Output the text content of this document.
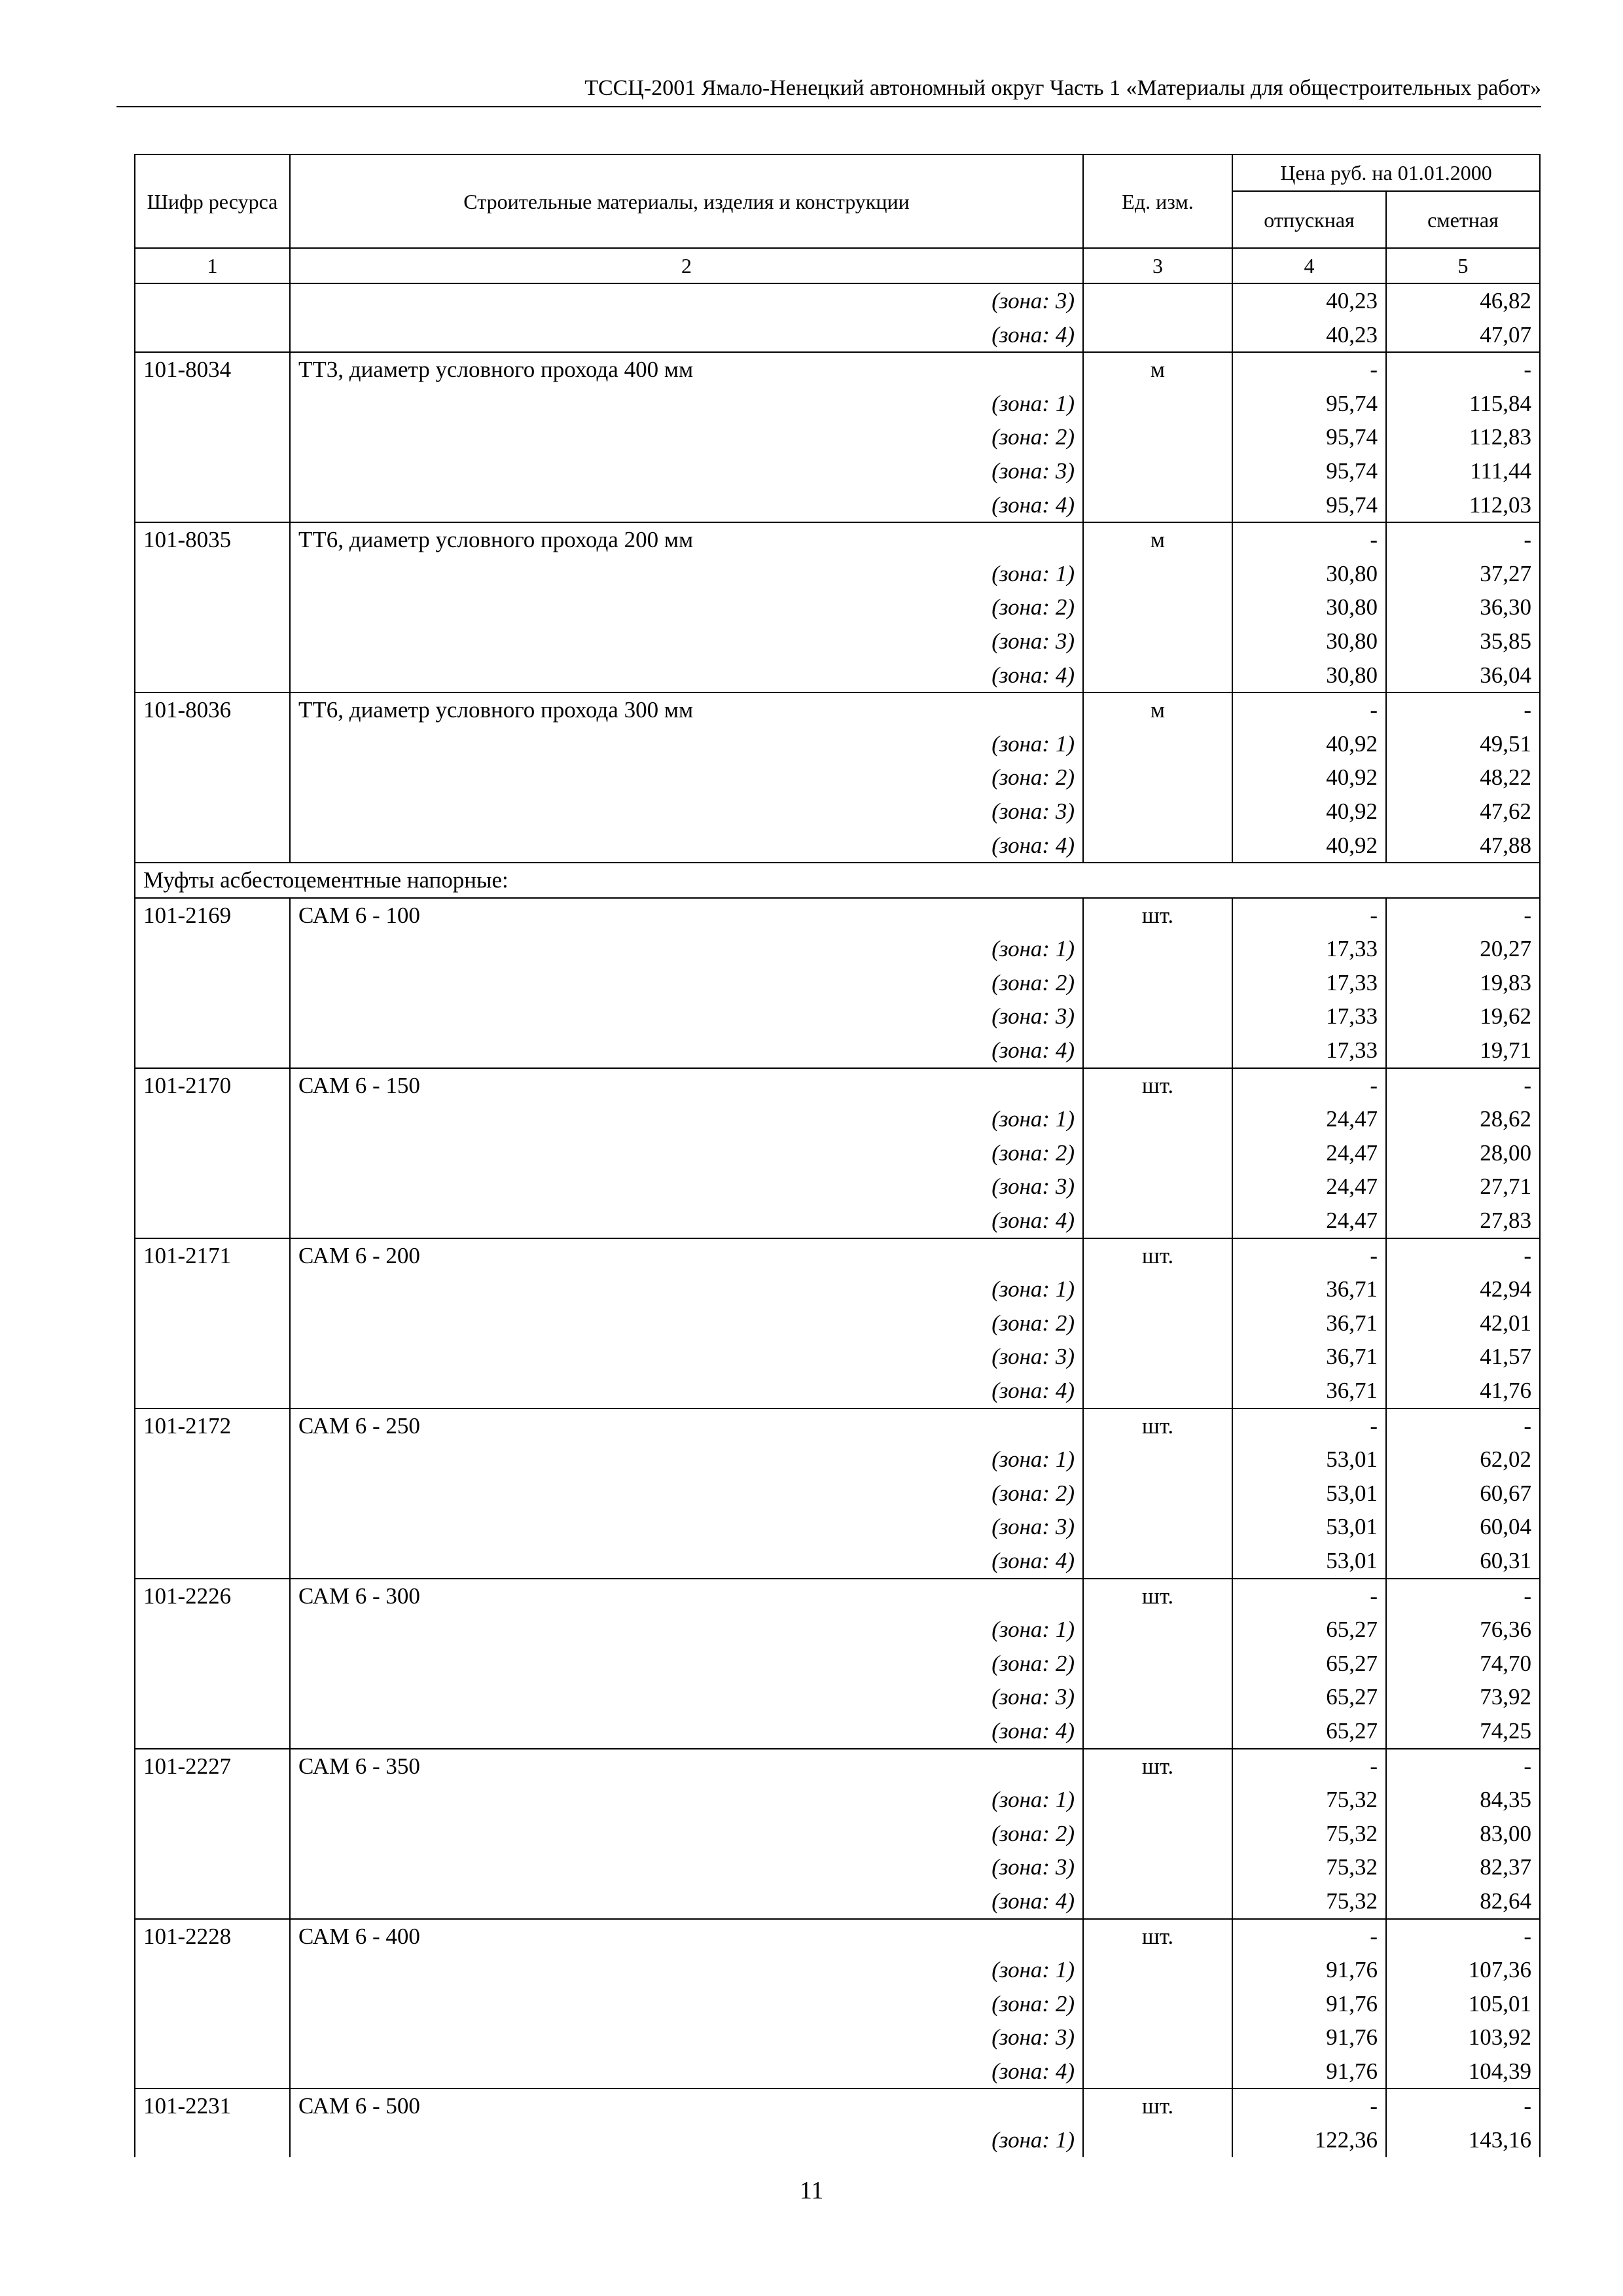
ТССЦ-2001 Ямало-Ненецкий автономный округ Часть 1 «Материалы для общестроительных работ»
Шифр ресурса	Строительные материалы, изделия и конструкции	Ед. изм.	Цена руб. на 01.01.2000	
			отпускная	сметная
1	2	3	4	5
	(зона: 3)		40,23	46,82
	(зона: 4)		40,23	47,07
101-8034	ТТ3, диаметр условного прохода 400 мм	м	-	-
	(зона: 1)		95,74	115,84
	(зона: 2)		95,74	112,83
	(зона: 3)		95,74	111,44
	(зона: 4)		95,74	112,03
101-8035	ТТ6, диаметр условного прохода 200 мм	м	-	-
	(зона: 1)		30,80	37,27
	(зона: 2)		30,80	36,30
	(зона: 3)		30,80	35,85
	(зона: 4)		30,80	36,04
101-8036	ТТ6, диаметр условного прохода 300 мм	м	-	-
	(зона: 1)		40,92	49,51
	(зона: 2)		40,92	48,22
	(зона: 3)		40,92	47,62
	(зона: 4)		40,92	47,88
Муфты асбестоцементные напорные:				
101-2169	САМ 6 - 100	шт.	-	-
	(зона: 1)		17,33	20,27
	(зона: 2)		17,33	19,83
	(зона: 3)		17,33	19,62
	(зона: 4)		17,33	19,71
101-2170	САМ 6 - 150	шт.	-	-
	(зона: 1)		24,47	28,62
	(зона: 2)		24,47	28,00
	(зона: 3)		24,47	27,71
	(зона: 4)		24,47	27,83
101-2171	САМ 6 - 200	шт.	-	-
	(зона: 1)		36,71	42,94
	(зона: 2)		36,71	42,01
	(зона: 3)		36,71	41,57
	(зона: 4)		36,71	41,76
101-2172	САМ 6 - 250	шт.	-	-
	(зона: 1)		53,01	62,02
	(зона: 2)		53,01	60,67
	(зона: 3)		53,01	60,04
	(зона: 4)		53,01	60,31
101-2226	САМ 6 - 300	шт.	-	-
	(зона: 1)		65,27	76,36
	(зона: 2)		65,27	74,70
	(зона: 3)		65,27	73,92
	(зона: 4)		65,27	74,25
101-2227	САМ 6 - 350	шт.	-	-
	(зона: 1)		75,32	84,35
	(зона: 2)		75,32	83,00
	(зона: 3)		75,32	82,37
	(зона: 4)		75,32	82,64
101-2228	САМ 6 - 400	шт.	-	-
	(зона: 1)		91,76	107,36
	(зона: 2)		91,76	105,01
	(зона: 3)		91,76	103,92
	(зона: 4)		91,76	104,39
101-2231	САМ 6 - 500	шт.	-	-
	(зона: 1)		122,36	143,16
11
